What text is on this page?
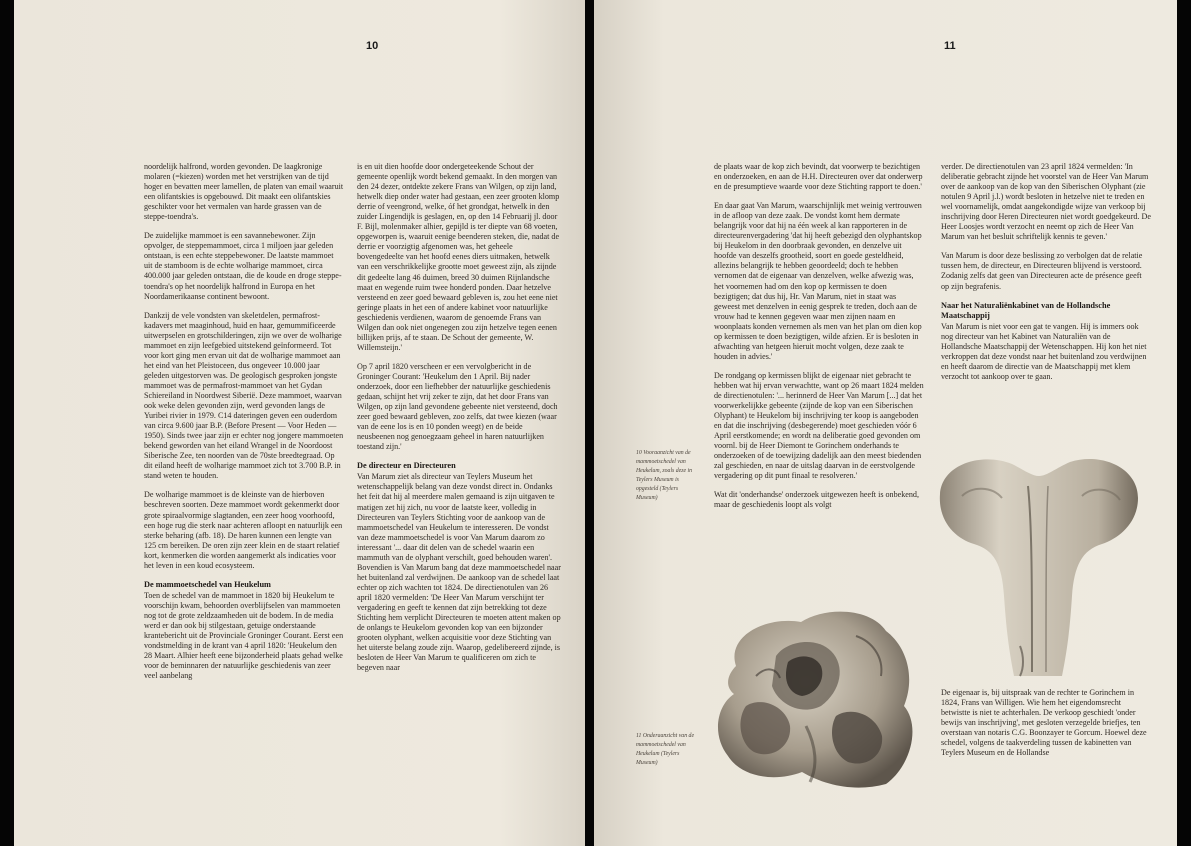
10

noordelijk halfrond, worden gevonden. De laagkronige molaren (=kiezen) worden met het verstrijken van de tijd hoger en bevatten meer lamellen, de platen van email waaruit een olifantskies is opgebouwd. Dit maakt een olifantskies geschikter voor het vermalen van harde grassen van de steppe-toendra's.

De zuidelijke mammoet is een savannebewoner. Zijn opvolger, de steppemammoet, circa 1 miljoen jaar geleden ontstaan, is een echte steppebewoner. De laatste mammoet uit de stamboom is de echte wolharige mammoet, circa 400.000 jaar geleden ontstaan, die de koude en droge steppe-toendra's op het noordelijk halfrond in Europa en het Noordamerikaanse continent bewoont.

Dankzij de vele vondsten van skeletdelen, permafrost-kadavers met maaginhoud, huid en haar, gemummificeerde uitwerpselen en grotschilderingen, zijn we over de wolharige mammoet en zijn leefgebied uitstekend geïnformeerd. Tot voor kort ging men ervan uit dat de wolharige mammoet aan het eind van het Pleistoceen, dus ongeveer 10.000 jaar geleden uitgestorven was. De geologisch gesproken jongste mammoet was de permafrost-mammoet van het Gydan Schiereiland in Noordwest Siberië. Deze mammoet, waarvan ook weke delen gevonden zijn, werd gevonden langs de Yuribei rivier in 1979. C14 dateringen geven een ouderdom van circa 9.600 jaar B.P. (Before Present — Voor Heden — 1950). Sinds twee jaar zijn er echter nog jongere mammoeten bekend geworden van het eiland Wrangel in de Noordoost Siberische Zee, ten noorden van de 70ste breedtegraad. Op dit eiland heeft de wolharige mammoet zich tot 3.700 B.P. in stand weten te houden.

De wolharige mammoet is de kleinste van de hierboven beschreven soorten. Deze mammoet wordt gekenmerkt door grote spiraalvormige slagtanden, een zeer hoog voorhoofd, een hoge rug die sterk naar achteren afloopt en natuurlijk een sterke beharing (afb. 18). De haren kunnen een lengte van 125 cm bereiken. De oren zijn zeer klein en de staart relatief kort, kenmerken die worden aangemerkt als indicaties voor het leven in een koud ecosysteem.

De mammoetschedel van Heukelum

Toen de schedel van de mammoet in 1820 bij Heukelum te voorschijn kwam, behoorden overblijfselen van mammoeten nog tot de grote zeldzaamheden uit de bodem. In de media werd er dan ook bij stilgestaan, getuige onderstaande krantebericht uit de Provinciale Groninger Courant. Eerst een vondstmelding in de krant van 4 april 1820: 'Heukelum den 28 Maart. Alhier heeft eene bijzonderheid plaats gehad welke voor de beminnaren der natuurlijke geschiedenis van zeer veel aanbelang

is en uit dien hoofde door ondergeteekende Schout der gemeente openlijk wordt bekend gemaakt. In den morgen van den 24 dezer, ontdekte zekere Frans van Wilgen, op zijn land, hetwelk diep onder water had gestaan, een zeer grooten klomp derrie of veengrond, welke, óf het grondgat, hetwelk in den zuider Lingendijk is geslagen, en, op den 14 Februarij jl. door F. Bijl, molenmaker alhier, gepijld is ter diepte van 68 voeten, opgeworpen is, waaruit eenige beenderen steken, die, nadat de derrie er voorzigtig afgenomen was, het geheele bovengedeelte van het hoofd eenes diers uitmaken, hetwelk van een verschrikkelijke grootte moet geweest zijn, als zijnde dit gedeelte lang 46 duimen, breed 30 duimen Rijnlandsche maat en wegende ruim twee honderd ponden. Daar hetzelve versteend en zeer goed bewaard gebleven is, zou het eene niet geringe plaats in het een of andere kabinet voor natuurlijke geschiedenis verdienen, waarom de genoemde Frans van Wilgen dan ook niet ongenegen zou zijn hetzelve tegen eenen billijken prijs, af te staan. De Schout der gemeente, W. Willemsteijn.'

Op 7 april 1820 verscheen er een vervolgbericht in de Groninger Courant: 'Heukelum den 1 April. Bij nader onderzoek, door een liefhebber der natuurlijke geschiedenis gedaan, schijnt het vrij zeker te zijn, dat het door Frans van Wilgen, op zijn land gevondene gebeente niet versteend, doch zeer goed bewaard gebleven, zoo zelfs, dat twee kiezen (waar van de eene los is en 10 ponden weegt) en de beide neusbeenen nog genoegzaam geheel in haren natuurlijken toestand zijn.'

De directeur en Directeuren

Van Marum ziet als directeur van Teylers Museum het wetenschappelijk belang van deze vondst direct in. Ondanks het feit dat hij al meerdere malen gemaand is zijn uitgaven te matigen zet hij zich, nu voor de laatste keer, volledig in Directeuren van Teylers Stichting voor de aankoop van de mammoetschedel van Heukelum te interesseren. De vondst van deze mammoetschedel is voor Van Marum daarom zo interessant '... daar dit delen van de schedel waarin een mammuth van de olyphant verschilt, goed behouden waren'. Bovendien is Van Marum bang dat deze mammoetschedel naar het buitenland zal verdwijnen. De aankoop van de schedel laat echter op zich wachten tot 1824. De directienotulen van 26 april 1820 vermelden: 'De Heer Van Marum verschijnt ter vergadering en geeft te kennen dat zijn betrekking tot deze Stichting hem verplicht Directeuren te moeten attent maken op de onlangs te Heukelom gevonden kop van een bijzonder grooten olyphant, welken acquisitie voor deze Stichting van het uiterste belang zoude zijn. Waarop, gedelibereerd zijnde, is besloten de Heer Van Marum te qualificeren om zich te begeven naar

11
10 Vooraanzicht van de mammoetschedel van Heukelum, zoals deze in Teylers Museum is opgesteld (Teylers Museum)
11 Onderaanzicht van de mammoetschedel van Heukelum (Teylers Museum)

de plaats waar de kop zich bevindt, dat voorwerp te bezichtigen en onderzoeken, en aan de H.H. Directeuren over dat onderwerp en de presumptieve waarde voor deze Stichting rapport te doen.'

En daar gaat Van Marum, waarschijnlijk met weinig vertrouwen in de afloop van deze zaak. De vondst komt hem dermate belangrijk voor dat hij na één week al kan rapporteren in de directeurenvergadering 'dat hij heeft gebezigd den olyphantskop bij Heukelom in den doorbraak gevonden, en denzelve uit hoofde van deszelfs grootheid, soort en goede gesteldheid, allezins belangrijk te hebben geoordeeld; doch te hebben vernomen dat de eigenaar van denzelven, welke afwezig was, het voornemen had om den kop op kermissen te doen bezigtigen; dat dus hij, Hr. Van Marum, niet in staat was geweest met denzelven in eenig gesprek te treden, doch aan de vrouw had te kennen gegeven waar men zijnen naam en woonplaats konden vernemen als men van het plan om dien kop op kermissen te doen bezigtigen, wilde afzien. Er is besloten in afwachting van hetgeen hieruit mocht volgen, deze zaak te houden in advies.'

De rondgang op kermissen blijkt de eigenaar niet gebracht te hebben wat hij ervan verwachtte, want op 26 maart 1824 melden de directienotulen: '... herinnerd de Heer Van Marum [...] dat het voorwerkelijkke gebeente (zijnde de kop van een Siberischen Olyphant) te Heukelom bij inschrijving ter koop is aangeboden en dat die inschrijving (desbegerende) moet geschieden vóór 6 April eerstkomende; en wordt na deliberatie goed gevonden om voornl. bij de Heer Diemont te Gorinchem onderhands te onderzoeken of de toewijzing dadelijk aan den meest biedenden zal geschieden, en naar de uitslag daarvan in de eerstvolgende vergadering op dit punt finaal te resolveren.'

Wat dit 'onderhandse' onderzoek uitgewezen heeft is onbekend, maar de geschiedenis loopt als volgt

verder. De directienotulen van 23 april 1824 vermelden: 'In deliberatie gebracht zijnde het voorstel van de Heer Van Marum over de aankoop van de kop van den Siberischen Olyphant (zie notulen 9 April j.l.) wordt besloten in hetzelve niet te treden en wel voornamelijk, omdat aangekondigde wijze van verkoop bij inschrijving door Heren Directeuren niet wordt goedgekeurd. De Heer Loosjes wordt verzocht en neemt op zich de Heer Van Marum van het besluit schriftelijk kennis te geven.'

Van Marum is door deze beslissing zo verbolgen dat de relatie tussen hem, de directeur, en Directeuren blijvend is verstoord. Zodanig zelfs dat geen van Directeuren acte de présence geeft op zijn begrafenis.

Naar het Naturaliënkabinet van de Hollandsche Maatschappij

Van Marum is niet voor een gat te vangen. Hij is immers ook nog directeur van het Kabinet van Naturaliën van de Hollandsche Maatschappij der Wetenschappen. Hij kon het niet verkroppen dat deze vondst naar het buitenland zou verdwijnen en heeft daarom de directie van de Maatschappij met klem verzocht tot aankoop over te gaan.

De eigenaar is, bij uitspraak van de rechter te Gorinchem in 1824, Frans van Willigen. Wie hem het eigendomsrecht betwistte is niet te achterhalen. De verkoop geschiedt 'onder bewijs van inschrijving', met gesloten verzegelde briefjes, ten overstaan van notaris C.G. Boonzayer te Gorcum. Hoewel deze schedel, volgens de taakverdeling tussen de kabinetten van Teylers Museum en de Hollandse
